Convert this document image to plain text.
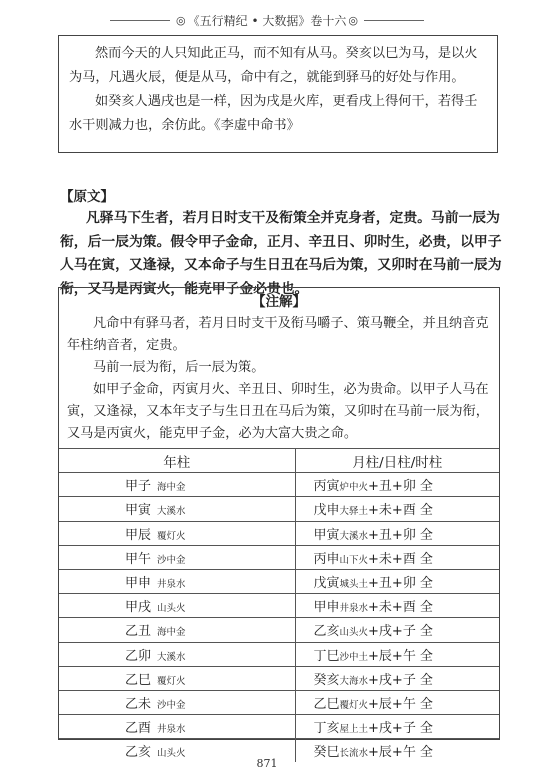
◎ 《五行精纪 • 大数据》卷十六 ◎

然而今天的人只知此正马，而不知有从马。癸亥以巳为马，是以火为马，凡遇火辰，便是从马，命中有之，就能到驿马的好处与作用。

如癸亥人遇戌也是一样，因为戌是火库，更看戌上得何干，若得壬水干则减力也，余仿此。《李虚中命书》

【原文】

凡驿马下生者，若月日时支干及衔策全并克身者，定贵。马前一辰为衔，后一辰为策。假令甲子金命，正月、辛丑日、卯时生，必贵，以甲子人马在寅，又逢禄，又本命子与生日丑在马后为策，又卯时在马前一辰为衔，又马是丙寅火，能克甲子金必贵也。

【注解】

凡命中有驿马者，若月日时支干及衔马嚼子、策马鞭全，并且纳音克年柱纳音者，定贵。

马前一辰为衔，后一辰为策。

如甲子金命，丙寅月火、辛丑日、卯时生，必为贵命。以甲子人马在寅，又逢禄，又本年支子与生日丑在马后为策，又卯时在马前一辰为衔，又马是丙寅火，能克甲子金，必为大富大贵之命。

年柱	月柱/日柱/时柱
甲子 海中金	丙寅炉中火+丑+卯 全
甲寅 大溪水	戊申大驿土+未+酉 全
甲辰 覆灯火	甲寅大溪水+丑+卯 全
甲午 沙中金	丙申山下火+未+酉 全
甲申 井泉水	戊寅城头土+丑+卯 全
甲戌 山头火	甲申井泉水+未+酉 全
乙丑 海中金	乙亥山头火+戌+子 全
乙卯 大溪水	丁巳沙中土+辰+午 全
乙巳 覆灯火	癸亥大海水+戌+子 全
乙未 沙中金	乙巳覆灯火+辰+午 全
乙酉 井泉水	丁亥屋上土+戌+子 全
乙亥 山头火	癸巳长流水+辰+午 全
871
